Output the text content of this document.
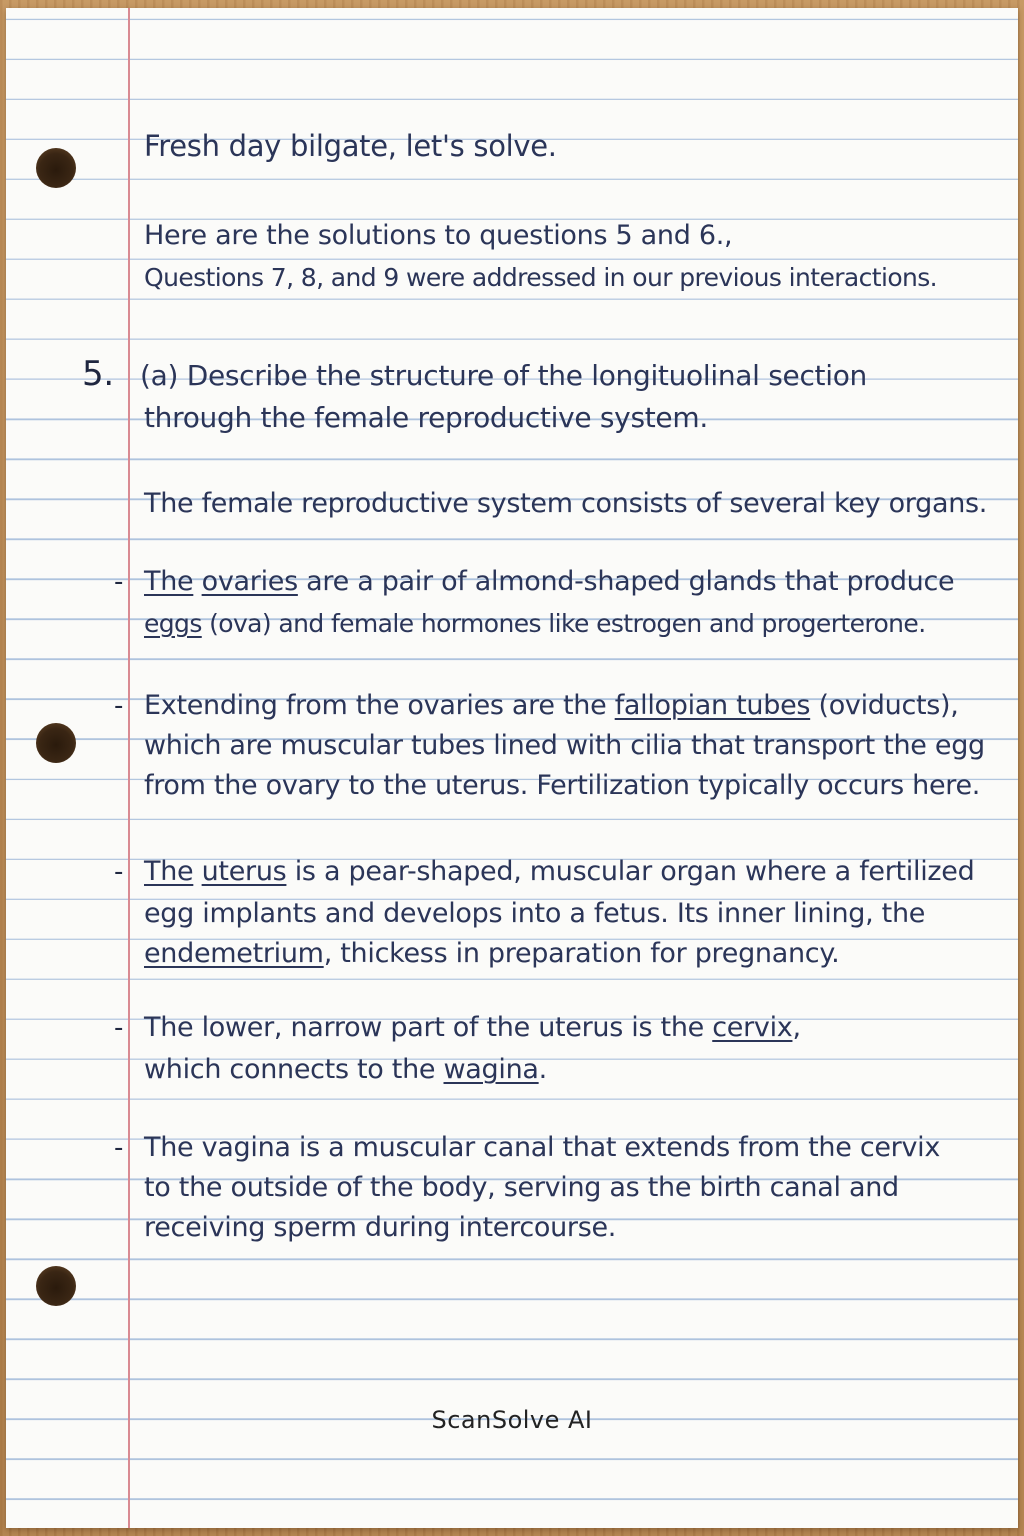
Fresh day bilgate, let's solve.

Here are the solutions to questions 5 and 6.,

Questions 7, 8, and 9 were addressed in our previous interactions.

5. (a) Describe the structure of the longituolinal section

through the female reproductive system.

The female reproductive system consists of several key organs.

- The ovaries are a pair of almond-shaped glands that produce

eggs (ova) and female hormones like estrogen and progerterone.

- Extending from the ovaries are the fallopian tubes (oviducts),

which are muscular tubes lined with cilia that transport the egg

from the ovary to the uterus. Fertilization typically occurs here.

- The uterus is a pear-shaped, muscular organ where a fertilized

egg implants and develops into a fetus. Its inner lining, the

endemetrium, thickess in preparation for pregnancy.

- The lower, narrow part of the uterus is the cervix,

which connects to the wagina.

- The vagina is a muscular canal that extends from the cervix

to the outside of the body, serving as the birth canal and

receiving sperm during intercourse.

ScanSolve AI
